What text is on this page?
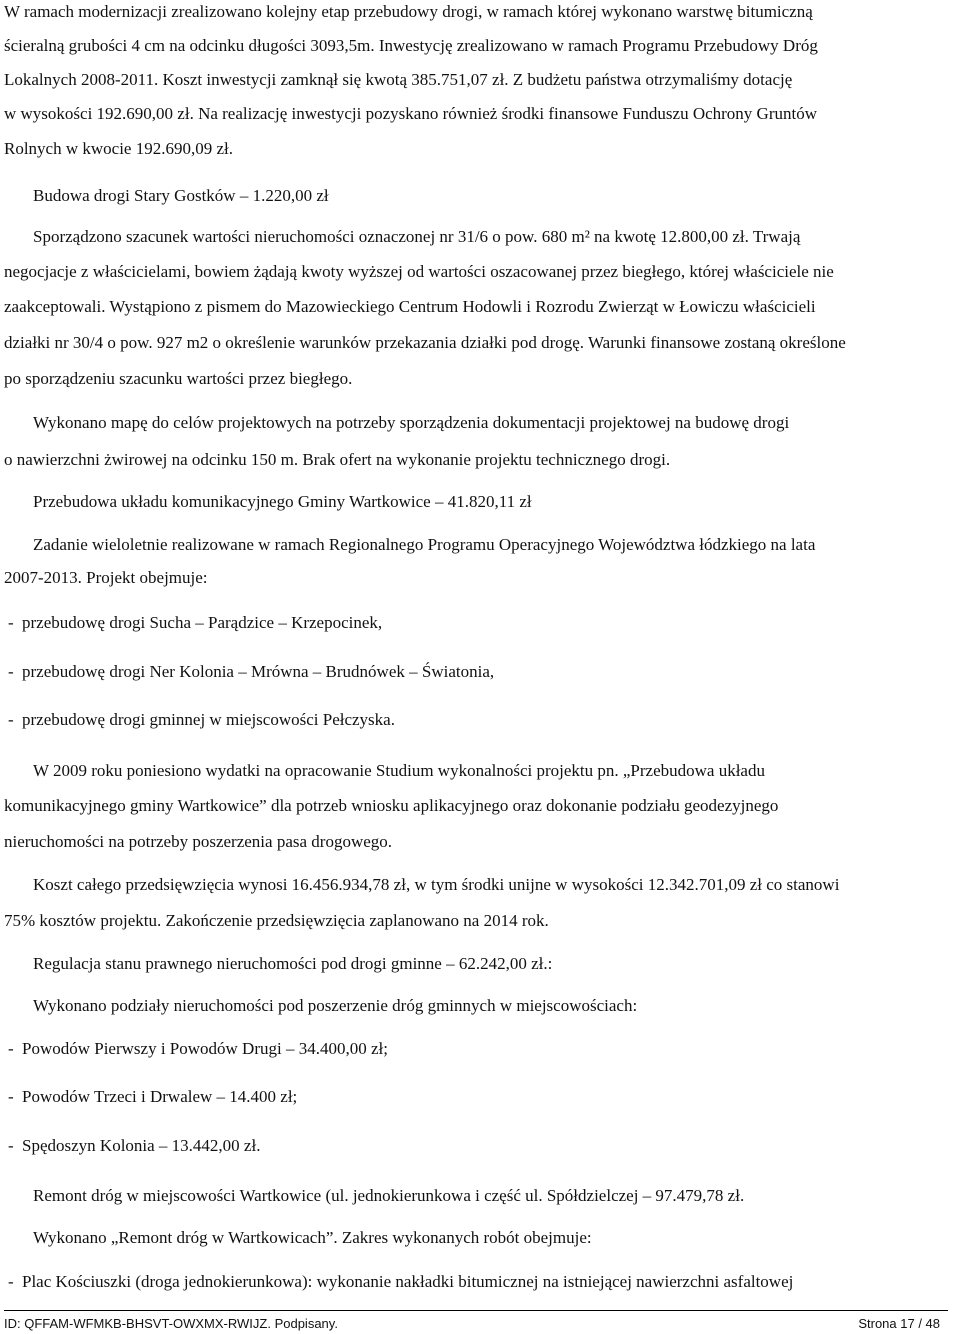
W ramach modernizacji zrealizowano kolejny etap przebudowy drogi, w ramach której wykonano warstwę bitumiczną
ścieralną grubości 4 cm na odcinku długości 3093,5m. Inwestycję zrealizowano w ramach Programu Przebudowy Dróg
Lokalnych 2008-2011. Koszt inwestycji zamknął się kwotą 385.751,07 zł. Z budżetu państwa otrzymaliśmy dotację
w wysokości 192.690,00 zł. Na realizację inwestycji pozyskano również środki finansowe Funduszu Ochrony Gruntów
Rolnych w kwocie 192.690,09 zł.
Budowa drogi Stary Gostków – 1.220,00 zł
Sporządzono szacunek wartości nieruchomości oznaczonej nr 31/6 o pow. 680 m² na kwotę 12.800,00 zł. Trwają
negocjacje z właścicielami, bowiem żądają kwoty wyższej od wartości oszacowanej przez biegłego, której właściciele nie
zaakceptowali. Wystąpiono z pismem do Mazowieckiego Centrum Hodowli i Rozrodu Zwierząt w Łowiczu właścicieli
działki nr 30/4 o pow. 927 m2 o określenie warunków przekazania działki pod drogę. Warunki finansowe zostaną określone
po sporządzeniu szacunku wartości przez biegłego.
Wykonano mapę do celów projektowych na potrzeby sporządzenia dokumentacji projektowej na budowę drogi
o nawierzchni żwirowej na odcinku 150 m. Brak ofert na wykonanie projektu technicznego drogi.
Przebudowa układu komunikacyjnego Gminy Wartkowice – 41.820,11 zł
Zadanie wieloletnie realizowane w ramach Regionalnego Programu Operacyjnego Województwa łódzkiego na lata
2007-2013. Projekt obejmuje:
- przebudowę drogi Sucha – Parądzice – Krzepocinek,
- przebudowę drogi Ner Kolonia – Mrówna – Brudnówek – Światonia,
- przebudowę drogi gminnej w miejscowości Pełczyska.
W 2009 roku poniesiono wydatki na opracowanie Studium wykonalności projektu pn. „Przebudowa układu
komunikacyjnego gminy Wartkowice” dla potrzeb wniosku aplikacyjnego oraz dokonanie podziału geodezyjnego
nieruchomości na potrzeby poszerzenia pasa drogowego.
Koszt całego przedsięwzięcia wynosi 16.456.934,78 zł, w tym środki unijne w wysokości 12.342.701,09 zł co stanowi
75% kosztów projektu. Zakończenie przedsięwzięcia zaplanowano na 2014 rok.
Regulacja stanu prawnego nieruchomości pod drogi gminne – 62.242,00 zł.:
Wykonano podziały nieruchomości pod poszerzenie dróg gminnych w miejscowościach:
- Powodów Pierwszy i Powodów Drugi – 34.400,00 zł;
- Powodów Trzeci i Drwalew – 14.400 zł;
- Spędoszyn Kolonia – 13.442,00 zł.
Remont dróg w miejscowości Wartkowice (ul. jednokierunkowa i część ul. Spółdzielczej – 97.479,78 zł.
Wykonano „Remont dróg w Wartkowicach”. Zakres wykonanych robót obejmuje:
- Plac Kościuszki (droga jednokierunkowa): wykonanie nakładki bitumicznej na istniejącej nawierzchni asfaltowej
ID: QFFAM-WFMKB-BHSVT-OWXMX-RWIJZ. Podpisany.	Strona 17 / 48
